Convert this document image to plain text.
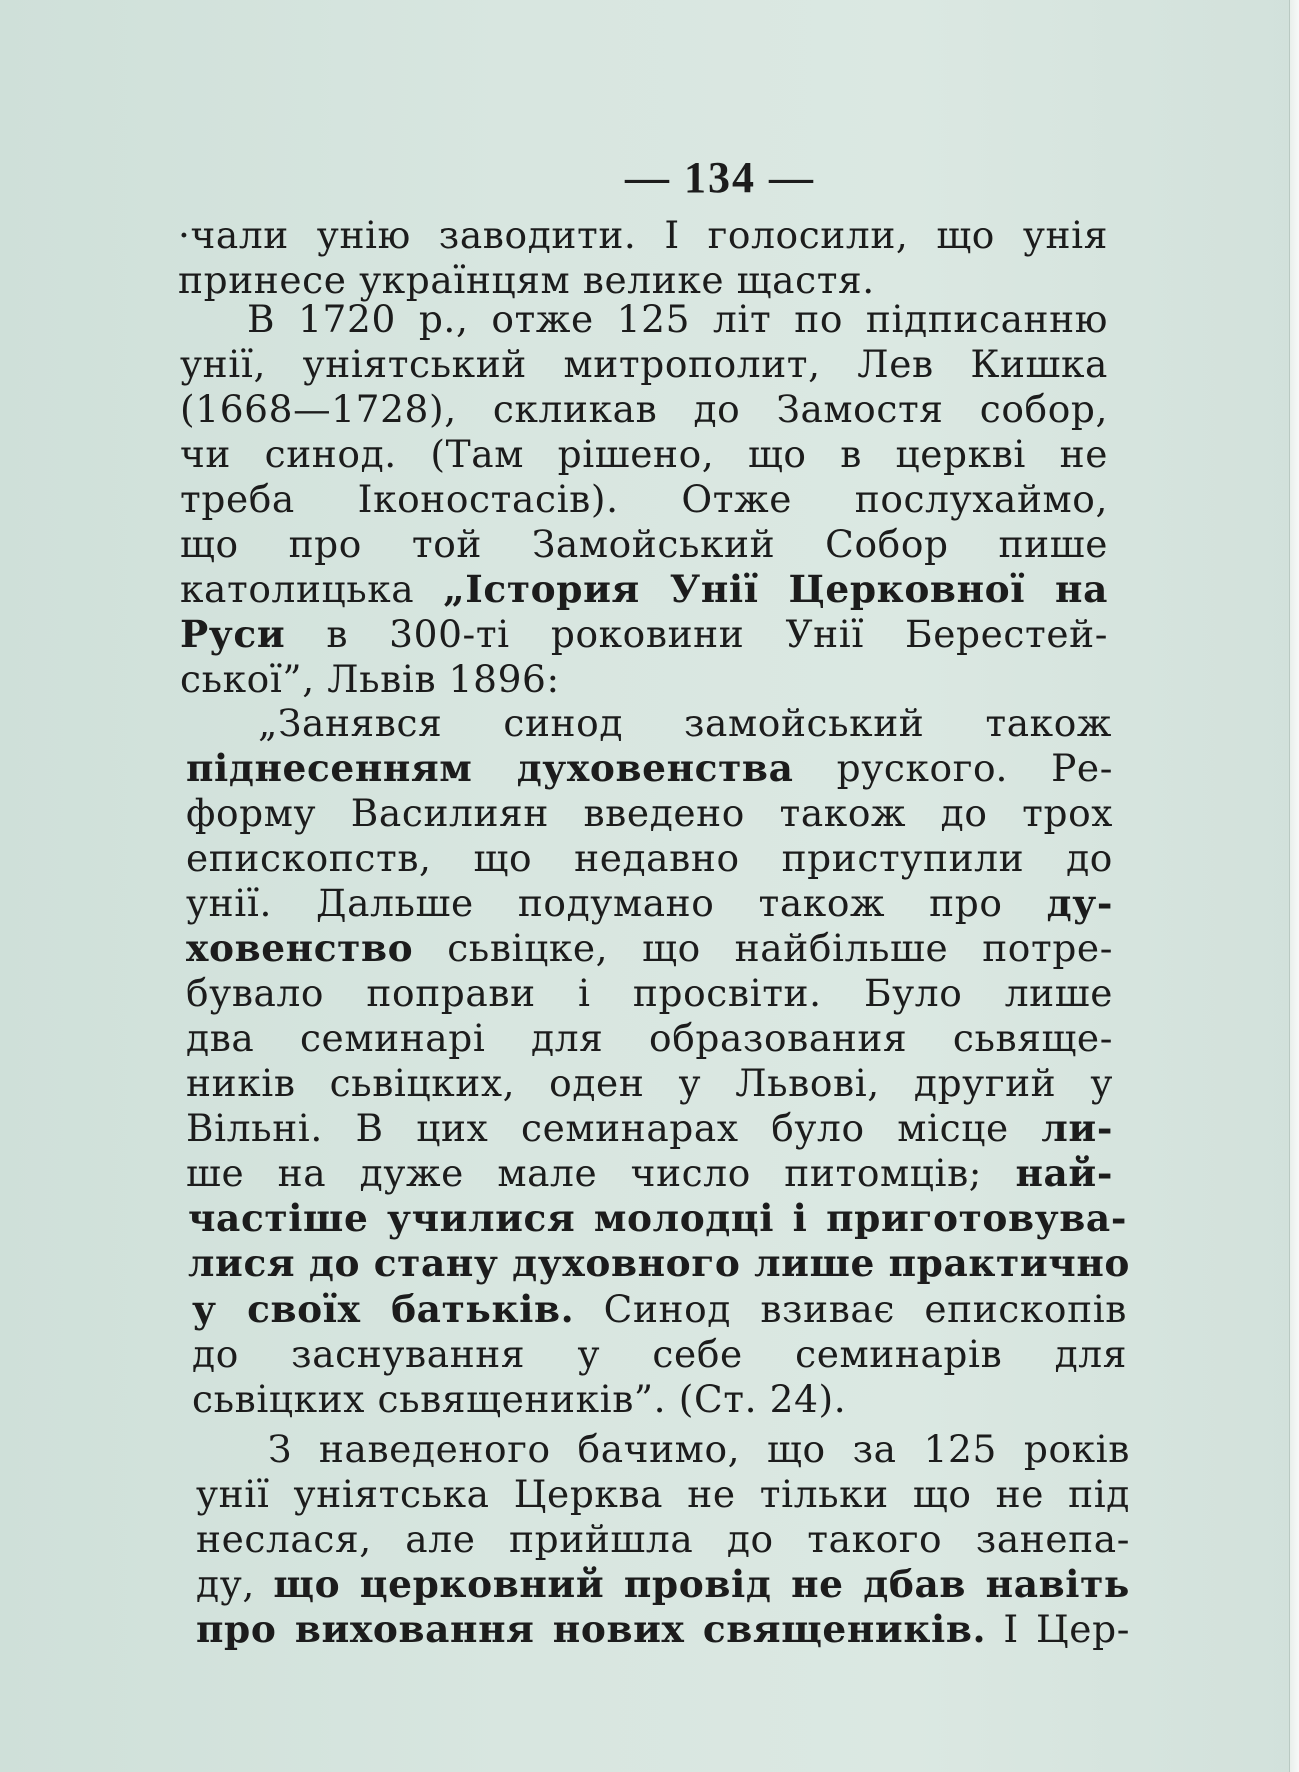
— 134 —
·чали унію заводити. І голосили, що унія
принесе українцям велике щастя.
В 1720 р., отже 125 літ по підписанню
унії, уніятський митрополит, Лев Кишка
(1668—1728), скликав до Замостя собор,
чи синод. (Там рішено, що в церкві не
треба Іконостасів). Отже послухаймо,
що про той Замойський Собор пише
католицька „Істория Унії Церковної на
Руси в 300-ті роковини Унії Берестей-
ської”, Львів 1896:
„Занявся синод замойський також
піднесенням духовенства рускогo. Ре-
форму Василиян введено також до трох
епископств, що недавно приступили до
унії. Дальше подумано також про ду-
ховенство сьвіцке, що найбільше потре-
бувало поправи і просвіти. Було лише
два семинарі для образования сьвяще-
ників сьвіцких, оден у Львові, другий у
Вільні. В цих семинарах було місце ли-
ше на дуже мале число питомців; най-
частіше училися молодці і приготовува-
лися до стану духовного лише практично
у своїх батьків. Синод взиває епископів
до заснування у себе семинарів для
сьвіцких сьвящеників”. (Ст. 24).
З наведеного бачимо, що за 125 років
унії уніятська Церква не тільки що не під
неслася, але прийшла до такого занепа-
ду, що церковний провід не дбав навіть
про виховання нових священиків. І Цер-
